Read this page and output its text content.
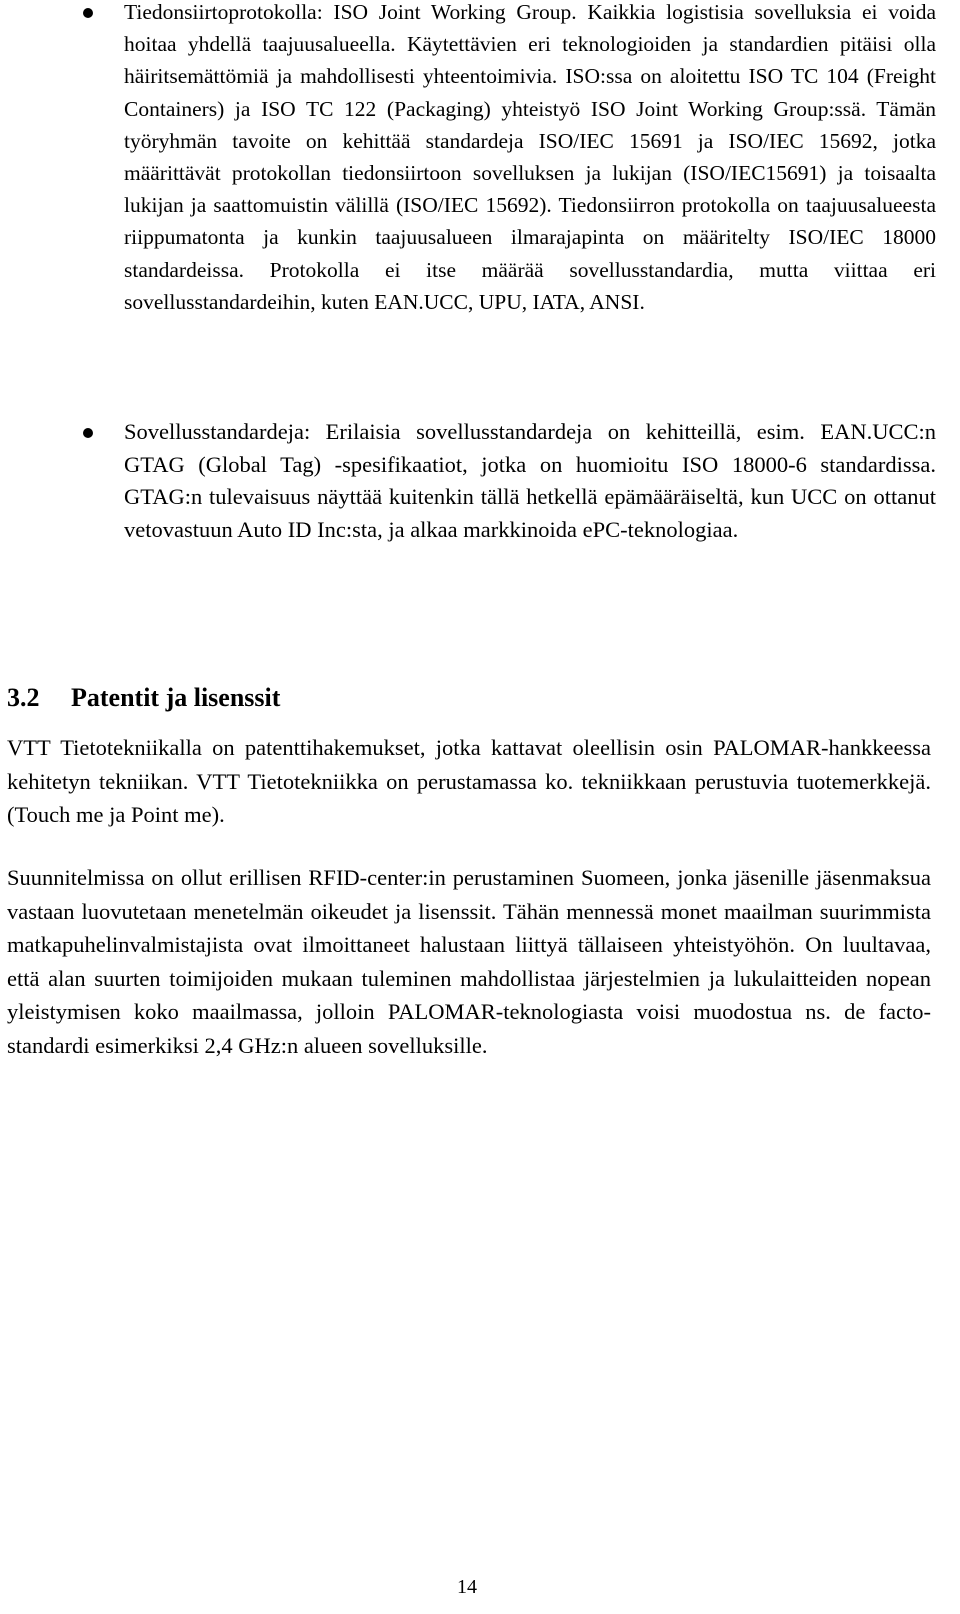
Tiedonsiirtoprotokolla: ISO Joint Working Group. Kaikkia logistisia sovelluksia ei voida hoitaa yhdellä taajuusalueella. Käytettävien eri teknologioiden ja standardien pitäisi olla häiritsemättömiä ja mahdollisesti yhteentoimivia. ISO:ssa on aloitettu ISO TC 104 (Freight Containers) ja ISO TC 122 (Packaging) yhteistyö ISO Joint Working Group:ssä. Tämän työryhmän tavoite on kehittää standardeja ISO/IEC 15691 ja ISO/IEC 15692, jotka määrittävät protokollan tiedonsiirtoon sovelluksen ja lukijan (ISO/IEC15691) ja toisaalta lukijan ja saattomuistin välillä (ISO/IEC 15692). Tiedonsiirron protokolla on taajuusalueesta riippumatonta ja kunkin taajuusalueen ilmarajapinta on määritelty ISO/IEC 18000 standardeissa. Protokolla ei itse määrää sovellusstandardia, mutta viittaa eri sovellusstandardeihin, kuten EAN.UCC, UPU, IATA, ANSI.

Sovellusstandardeja: Erilaisia sovellusstandardeja on kehitteillä, esim. EAN.UCC:n GTAG (Global Tag) -spesifikaatiot, jotka on huomioitu ISO 18000-6 standardissa. GTAG:n tulevaisuus näyttää kuitenkin tällä hetkellä epämääräiseltä, kun UCC on ottanut vetovastuun Auto ID Inc:sta, ja alkaa markkinoida ePC-teknologiaa.

3.2 Patentit ja lisenssit

VTT Tietotekniikalla on patenttihakemukset, jotka kattavat oleellisin osin PALOMAR-hankkeessa kehitetyn tekniikan. VTT Tietotekniikka on perustamassa ko. tekniikkaan perustuvia tuotemerkkejä. (Touch me ja Point me).

Suunnitelmissa on ollut erillisen RFID-center:in perustaminen Suomeen, jonka jäsenille jäsenmaksua vastaan luovutetaan menetelmän oikeudet ja lisenssit. Tähän mennessä monet maailman suurimmista matkapuhelinvalmistajista ovat ilmoittaneet halustaan liittyä tällaiseen yhteistyöhön. On luultavaa, että alan suurten toimijoiden mukaan tuleminen mahdollistaa järjestelmien ja lukulaitteiden nopean yleistymisen koko maailmassa, jolloin PALOMAR-teknologiasta voisi muodostua ns. de facto-standardi esimerkiksi 2,4 GHz:n alueen sovelluksille.

14
